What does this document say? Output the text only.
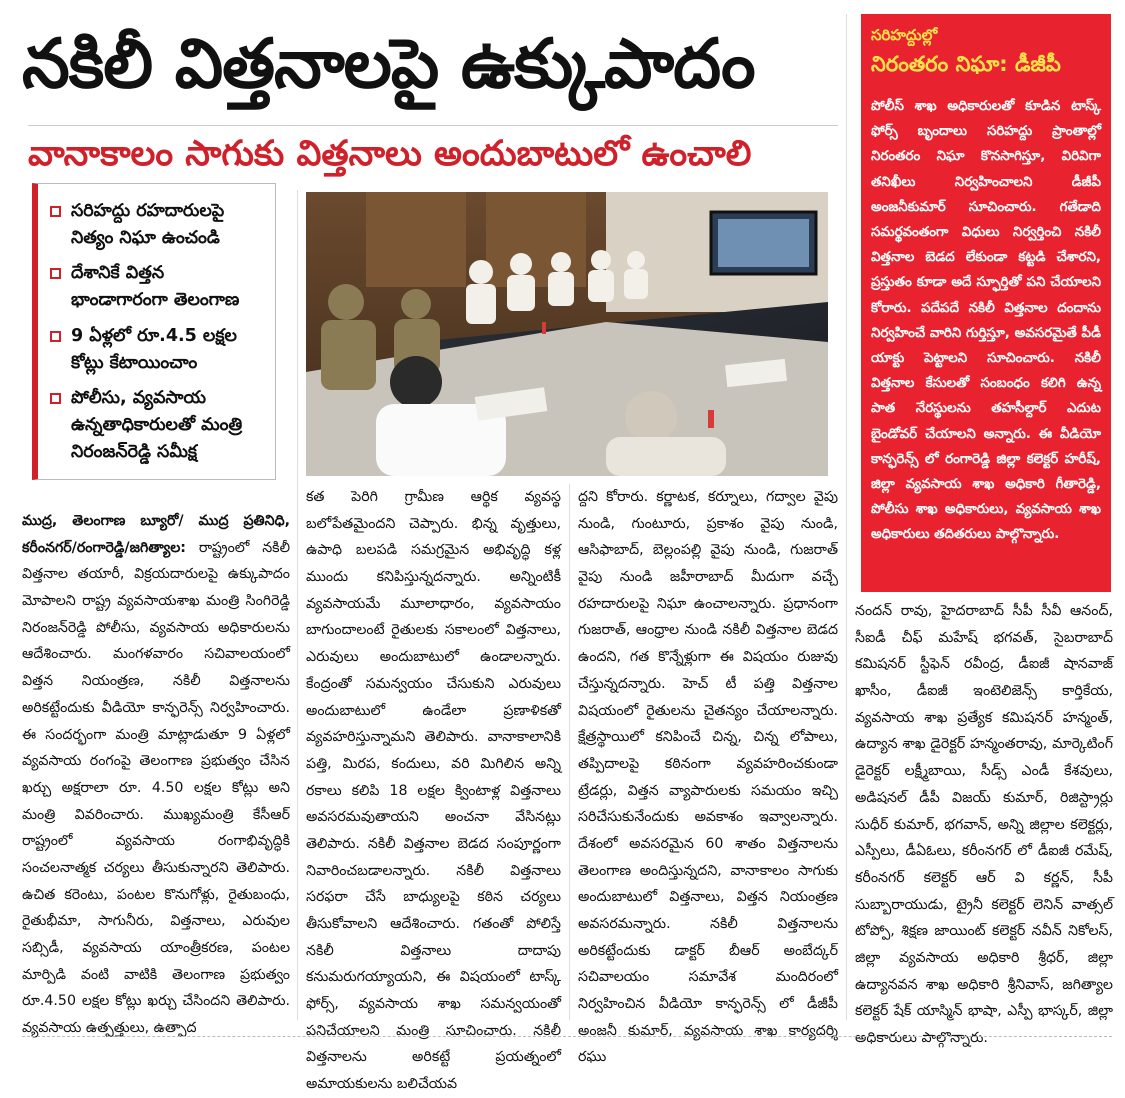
నకిలీ విత్తనాలపై ఉక్కుపాదం
వానాకాలం సాగుకు విత్తనాలు అందుబాటులో ఉంచాలి
సరిహద్దు రహదారులపై నిత్యం నిఘా ఉంచండి
దేశానికే విత్తన భాండాగారంగా తెలంగాణ
9 ఏళ్లలో రూ.4.5 లక్షల కోట్లు కేటాయించాం
పోలీసు, వ్యవసాయ ఉన్నతాధికారులతో మంత్రి నిరంజన్‌రెడ్డి సమీక్ష
సరిహద్దుల్లో
నిరంతరం నిఘా: డీజీపీ
పోలీస్ శాఖ అధికారులతో కూడిన టాస్క్ ఫోర్స్ బృందాలు సరిహద్దు ప్రాంతాల్లో నిరంతరం నిఘా కొనసాగిస్తూ, విరివిగా తనిఖీలు నిర్వహించాలని డీజీపీ అంజనీకుమార్ సూచించారు. గతేడాది సమర్థవంతంగా విధులు నిర్వర్తించి నకిలీ విత్తనాల బెడద లేకుండా కట్టడి చేశారని, ప్రస్తుతం కూడా అదే స్ఫూర్తితో పని చేయాలని కోరారు. పదేపదే నకిలీ విత్తనాల దందాను నిర్వహించే వారిని గుర్తిస్తూ, అవసరమైతే పీడీ యాక్టు పెట్టాలని సూచించారు. నకిలీ విత్తనాల కేసులతో సంబంధం కలిగి ఉన్న పాత నేరస్థులను తహసీల్దార్ ఎదుట బైండోవర్ చేయాలని అన్నారు. ఈ వీడియో కాన్ఫరెన్స్ లో రంగారెడ్డి జిల్లా కలెక్టర్ హరీష్, జిల్లా వ్యవసాయ శాఖ అధికారి గీతారెడ్డి, పోలీసు శాఖ అధికారులు, వ్యవసాయ శాఖ అధికారులు తదితరులు పాల్గొన్నారు.
ముద్ర, తెలంగాణ బ్యూరో/ ముద్ర ప్రతినిధి, కరీంనగర్/రంగారెడ్డి/జగిత్యాల: రాష్ట్రంలో నకిలీ విత్తనాల తయారీ, విక్రయదారులపై ఉక్కుపాదం మోపాలని రాష్ట్ర వ్యవసాయశాఖ మంత్రి సింగిరెడ్డి నిరంజన్‌రెడ్డి పోలీసు, వ్యవసాయ అధికారులను ఆదేశించారు. మంగళవారం సచివాలయంలో విత్తన నియంత్రణ, నకిలీ విత్తనాలను అరికట్టేందుకు వీడియో కాన్ఫరెన్స్ నిర్వహించారు. ఈ సందర్భంగా మంత్రి మాట్లాడుతూ 9 ఏళ్లలో వ్యవసాయ రంగంపై తెలంగాణ ప్రభుత్వం చేసిన ఖర్చు అక్షరాలా రూ. 4.50 లక్షల కోట్లు అని మంత్రి వివరించారు. ముఖ్యమంత్రి కేసీఆర్ రాష్ట్రంలో వ్యవసాయ రంగాభివృద్ధికి సంచలనాత్మక చర్యలు తీసుకున్నారని తెలిపారు. ఉచిత కరెంటు, పంటల కొనుగోళ్లు, రైతుబంధు, రైతుభీమా, సాగునీరు, విత్తనాలు, ఎరువుల సబ్సిడీ, వ్యవసాయ యాంత్రీకరణ, పంటల మార్పిడి వంటి వాటికి తెలంగాణ ప్రభుత్వం రూ.4.50 లక్షల కోట్లు ఖర్చు చేసిందని తెలిపారు. వ్యవసాయ ఉత్పత్తులు, ఉత్పాద
కత పెరిగి గ్రామీణ ఆర్థిక వ్యవస్థ బలోపేతమైందని చెప్పారు. భిన్న వృత్తులు, ఉపాధి బలపడి సమగ్రమైన అభివృద్ధి కళ్ల ముందు కనిపిస్తున్నదన్నారు. అన్నింటికీ వ్యవసాయమే మూలాధారం, వ్యవసాయం బాగుందాలంటే రైతులకు సకాలంలో విత్తనాలు, ఎరువులు అందుబాటులో ఉండాలన్నారు. కేంద్రంతో సమన్వయం చేసుకుని ఎరువులు అందుబాటులో ఉండేలా ప్రణాళికతో వ్యవహరిస్తున్నామని తెలిపారు. వానాకాలానికి పత్తి, మిరప, కందులు, వరి మిగిలిన అన్ని రకాలు కలిపి 18 లక్షల క్వింటాళ్ల విత్తనాలు అవసరమవుతాయని అంచనా వేసినట్లు తెలిపారు. నకిలీ విత్తనాల బెడద సంపూర్ణంగా నివారించబడాలన్నారు. నకిలీ విత్తనాలు సరఫరా చేసే బాధ్యులపై కఠిన చర్యలు తీసుకోవాలని ఆదేశించారు. గతంతో పోలిస్తే నకిలీ విత్తనాలు దాదాపు కనుమరుగయ్యాయని, ఈ విషయంలో టాస్క్ ఫోర్స్, వ్యవసాయ శాఖ సమన్వయంతో పనిచేయాలని మంత్రి సూచించారు. నకిలీ విత్తనాలను అరికట్టే ప్రయత్నంలో అమాయకులను బలిచేయవ
ద్దని కోరారు. కర్ణాటక, కర్నూలు, గద్వాల వైపు నుండి, గుంటూరు, ప్రకాశం వైపు నుండి, ఆసిఫాబాద్, బెల్లంపల్లి వైపు నుండి, గుజరాత్ వైపు నుండి జహీరాబాద్ మీదుగా వచ్చే రహదారులపై నిఘా ఉంచాలన్నారు. ప్రధానంగా గుజరాత్, ఆంధ్రాల నుండి నకిలీ విత్తనాల బెడద ఉందని, గత కొన్నేళ్లుగా ఈ విషయం రుజువు చేస్తున్నదన్నారు. హెచ్ టీ పత్తి విత్తనాల విషయంలో రైతులను చైతన్యం చేయాలన్నారు. క్షేత్రస్థాయిలో కనిపించే చిన్న, చిన్న లోపాలు, తప్పిదాలపై కఠినంగా వ్యవహరించకుండా ట్రేడర్లు, విత్తన వ్యాపారులకు సమయం ఇచ్చి సరిచేసుకునేందుకు అవకాశం ఇవ్వాలన్నారు. దేశంలో అవసరమైన 60 శాతం విత్తనాలను తెలంగాణ అందిస్తున్నదని, వానాకాలం సాగుకు అందుబాటులో విత్తనాలు, విత్తన నియంత్రణ అవసరమన్నారు. నకిలీ విత్తనాలను అరికట్టేందుకు డాక్టర్ బీఆర్ అంబేద్కర్ సచివాలయం సమావేశ మందిరంలో నిర్వహించిన వీడియో కాన్ఫరెన్స్ లో డీజీపీ అంజనీ కుమార్, వ్యవసాయ శాఖ కార్యదర్శి రఘు
నందన్ రావు, హైదరాబాద్ సీపీ సీవీ ఆనంద్, సీఐడీ చీఫ్ మహేష్ భగవత్, సైబరాబాద్ కమిషనర్ స్టీఫెన్ రవీంద్ర, డీఐజీ షానవాజ్ ఖాసీం, డీఐజీ ఇంటెలిజెన్స్ కార్తికేయ, వ్యవసాయ శాఖ ప్రత్యేక కమిషనర్ హన్మంత్, ఉద్యాన శాఖ డైరెక్టర్ హన్మంతరావు, మార్కెటింగ్ డైరెక్టర్ లక్ష్మీబాయి, సీడ్స్ ఎండీ కేశవులు, అడిషనల్ డీపీ విజయ్ కుమార్, రిజిస్ట్రార్లు సుధీర్ కుమార్, భగవాన్, అన్ని జిల్లాల కలెక్టర్లు, ఎస్పీలు, డీఏఓలు, కరీంనగర్ లో డీఐజీ రమేష్, కరీంనగర్ కలెక్టర్ ఆర్ వి కర్ణన్, సీపీ సుబ్బారాయుడు, ట్రైనీ కలెక్టర్ లెనిన్ వాత్సల్ టోప్పో, శిక్షణ జాయింట్ కలెక్టర్ నవీన్ నికోలస్, జిల్లా వ్యవసాయ అధికారి శ్రీధర్, జిల్లా ఉద్యానవన శాఖ అధికారి శ్రీనివాస్, జగిత్యాల కలెక్టర్ షేక్ యాస్మిన్ భాషా, ఎస్పీ భాస్కర్, జిల్లా అధికారులు పాల్గొన్నారు.
